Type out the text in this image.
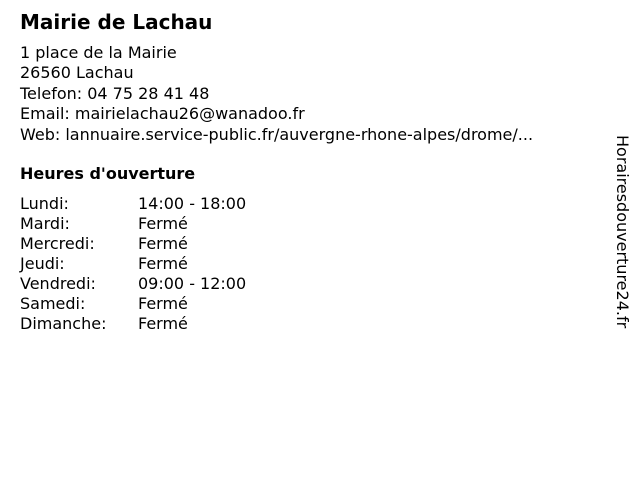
Mairie de Lachau
1 place de la Mairie
26560 Lachau
Telefon: 04 75 28 41 48
Email: mairielachau26@wanadoo.fr
Web: lannuaire.service-public.fr/auvergne-rhone-alpes/drome/...
Heures d'ouverture
Lundi:	14:00 - 18:00
Mardi:	Fermé
Mercredi:	Fermé
Jeudi:	Fermé
Vendredi:	09:00 - 12:00
Samedi:	Fermé
Dimanche: Fermé	Horairesdouverture24.fr
